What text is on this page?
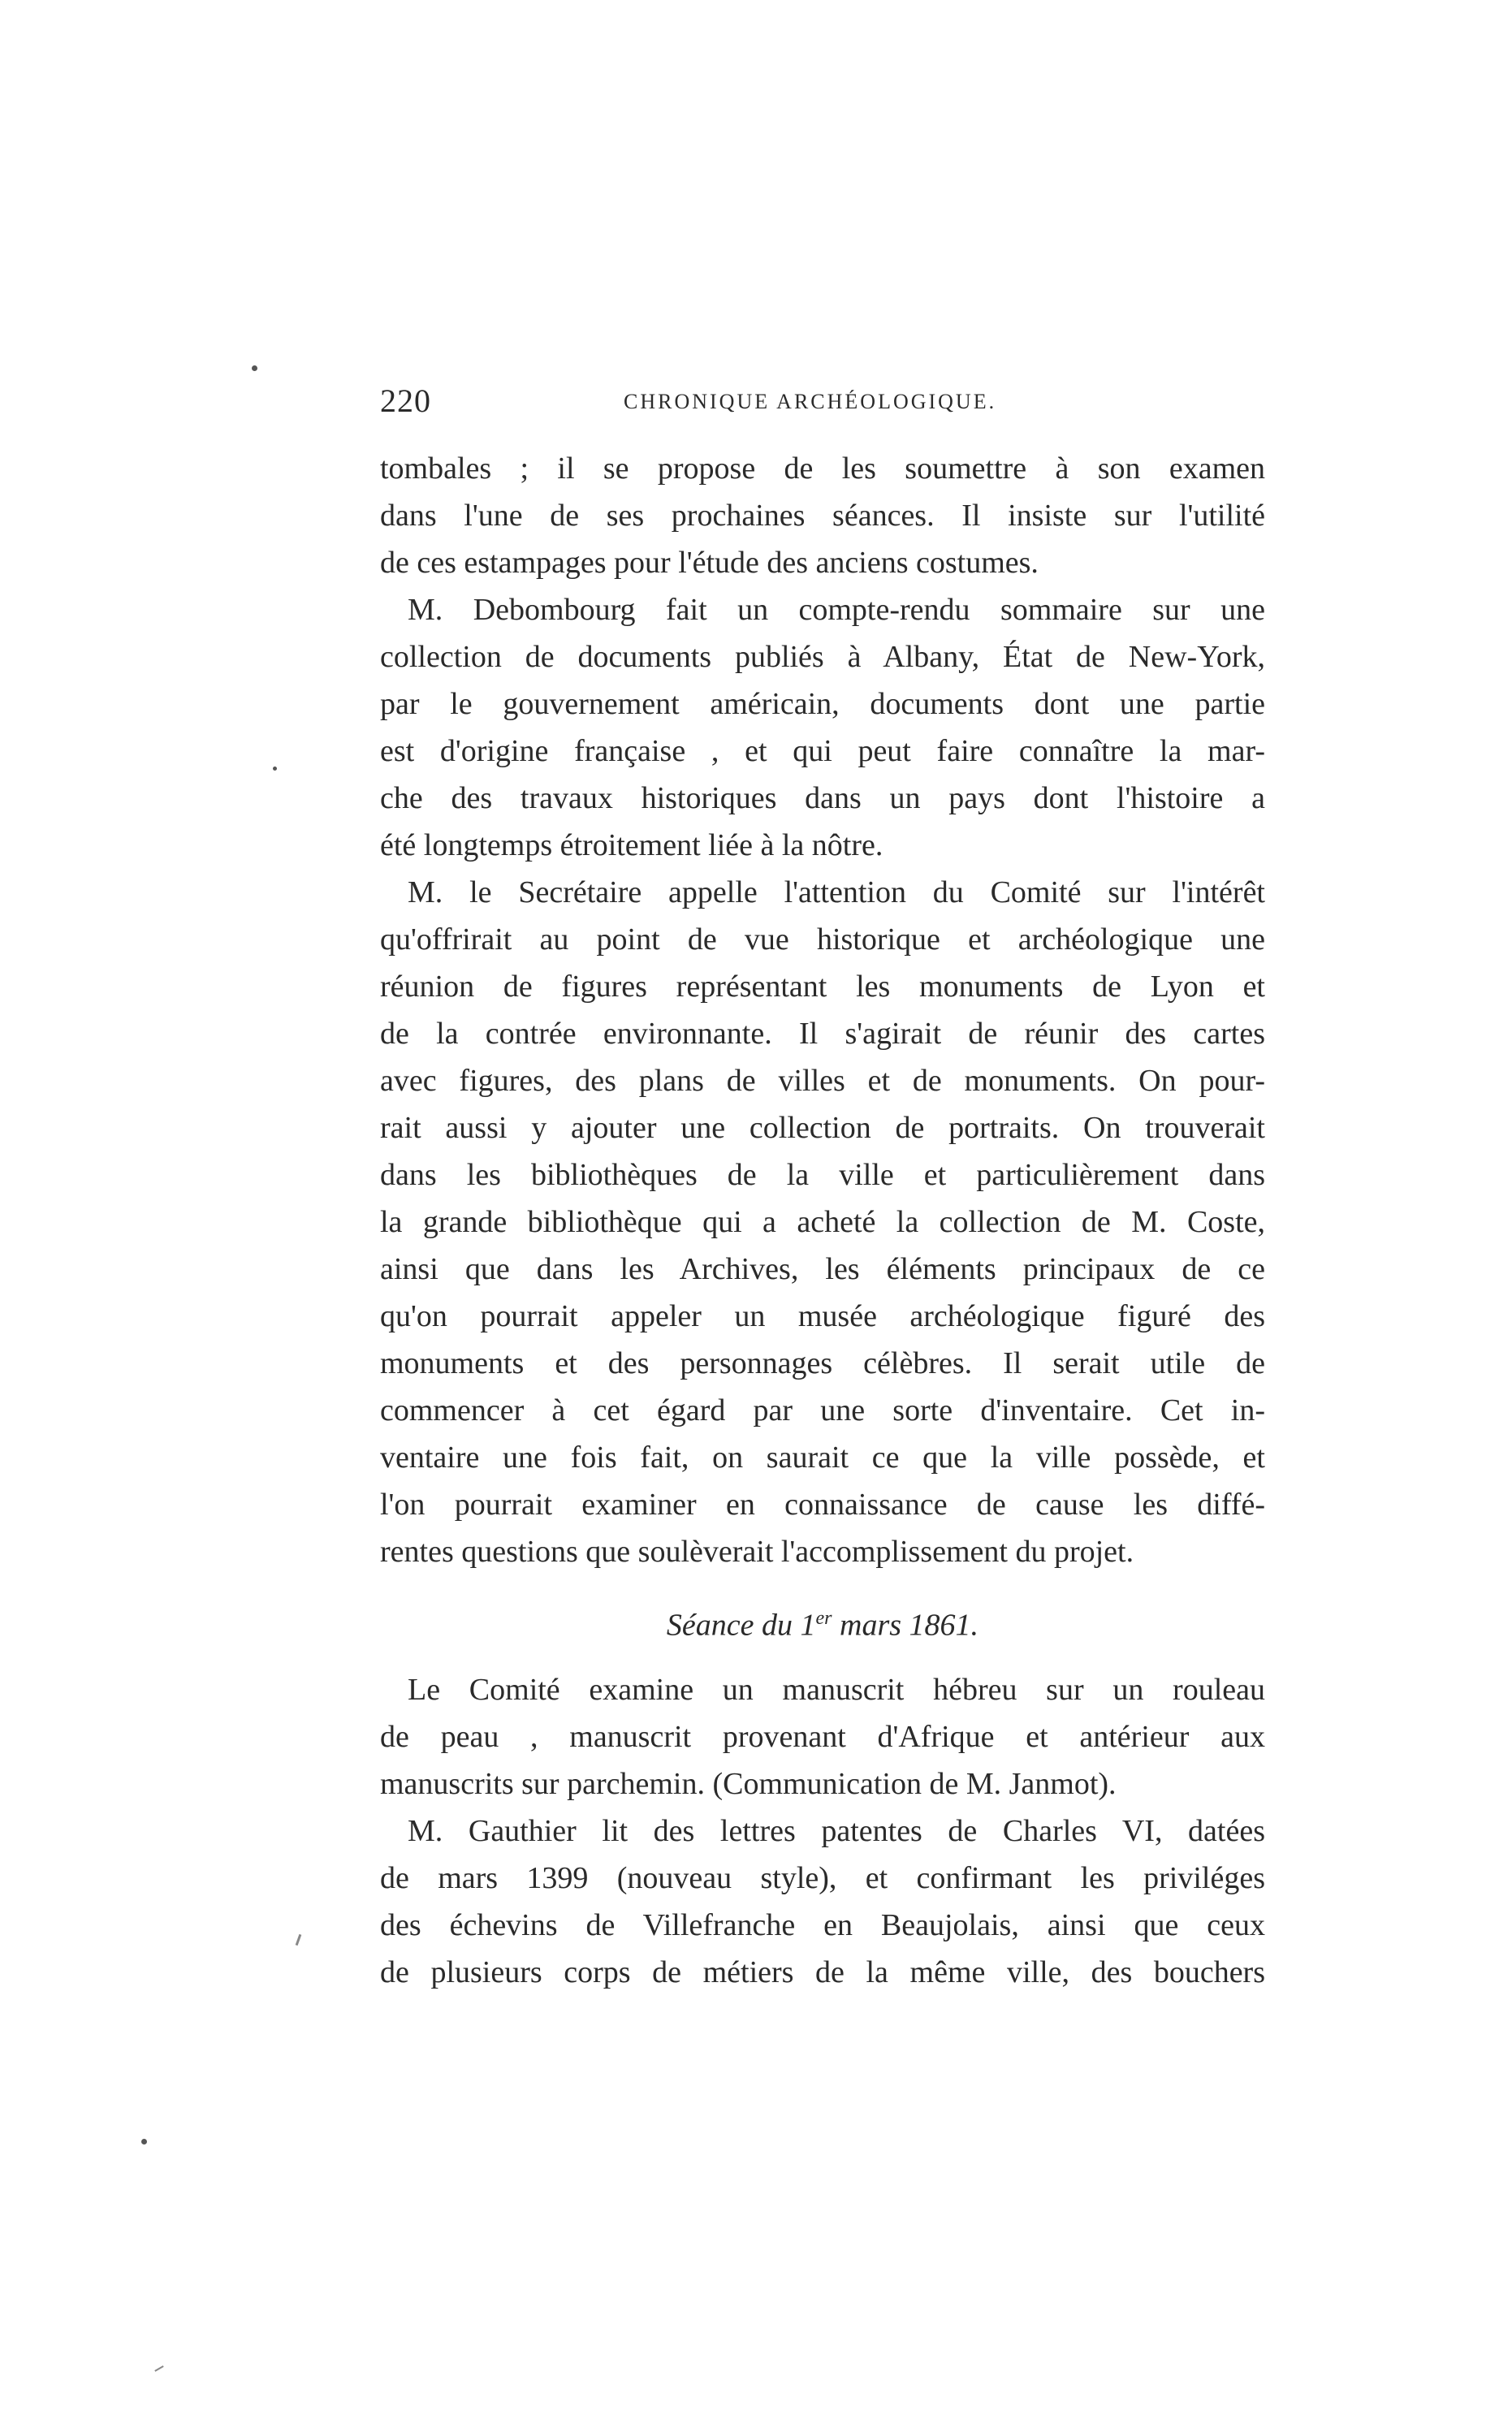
220	CHRONIQUE ARCHÉOLOGIQUE.
tombales ; il se propose de les soumettre à son examen
dans l'une de ses prochaines séances. Il insiste sur l'utilité
de ces estampages pour l'étude des anciens costumes.
M. Debombourg fait un compte-rendu sommaire sur une
collection de documents publiés à Albany, État de New-York,
par le gouvernement américain, documents dont une partie
est d'origine française , et qui peut faire connaître la mar-
che des travaux historiques dans un pays dont l'histoire a
été longtemps étroitement liée à la nôtre.
M. le Secrétaire appelle l'attention du Comité sur l'intérêt
qu'offrirait au point de vue historique et archéologique une
réunion de figures représentant les monuments de Lyon et
de la contrée environnante. Il s'agirait de réunir des cartes
avec figures, des plans de villes et de monuments. On pour-
rait aussi y ajouter une collection de portraits. On trouverait
dans les bibliothèques de la ville et particulièrement dans
la grande bibliothèque qui a acheté la collection de M. Coste,
ainsi que dans les Archives, les éléments principaux de ce
qu'on pourrait appeler un musée archéologique figuré des
monuments et des personnages célèbres. Il serait utile de
commencer à cet égard par une sorte d'inventaire. Cet in-
ventaire une fois fait, on saurait ce que la ville possède, et
l'on pourrait examiner en connaissance de cause les diffé-
rentes questions que soulèverait l'accomplissement du projet.
Séance du 1er mars 1861.
Le Comité examine un manuscrit hébreu sur un rouleau
de peau , manuscrit provenant d'Afrique et antérieur aux
manuscrits sur parchemin. (Communication de M. Janmot).
M. Gauthier lit des lettres patentes de Charles VI, datées
de mars 1399 (nouveau style), et confirmant les priviléges
des échevins de Villefranche en Beaujolais, ainsi que ceux
de plusieurs corps de métiers de la même ville, des bouchers
